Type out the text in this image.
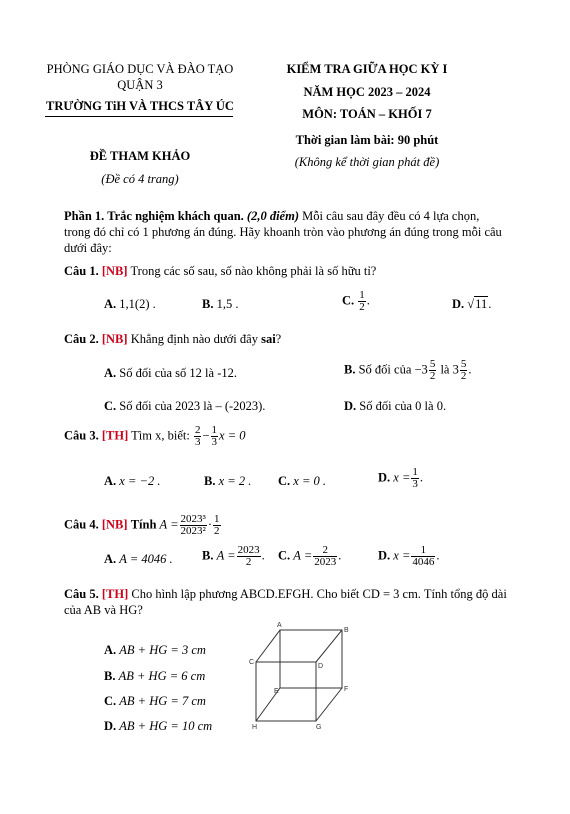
PHÒNG GIÁO DỤC VÀ ĐÀO TẠO
QUẬN 3
TRƯỜNG TiH VÀ THCS TÂY ÚC
ĐỀ THAM KHẢO
(Đề có 4 trang)
KIỂM TRA GIỮA HỌC KỲ I
NĂM HỌC 2023 – 2024
MÔN: TOÁN – KHỐI 7
Thời gian làm bài: 90 phút
(Không kể thời gian phát đề)
Phần 1. Trắc nghiệm khách quan. (2,0 điểm) Mỗi câu sau đây đều có 4 lựa chọn,
trong đó chỉ có 1 phương án đúng. Hãy khoanh tròn vào phương án đúng trong mỗi câu
dưới đây:
Câu 1. [NB] Trong các số sau, số nào không phải là số hữu tỉ?
A. 1,1(2) .	B. 1,5 .	C. $\frac{1}{2}$ .	D. √11.
Câu 2. [NB] Khẳng định nào dưới đây sai?
A. Số đối của số 12 là -12.	B. Số đối của $-3 \frac{5}{2}$ là $3 \frac{5}{2}$ .
C. Số đối của 2023 là – (-2023).	D. Số đối của 0 là 0.
Câu 3. [TH] Tìm x, biết: $\frac{2}{3} - \frac{1}{3}$ x = 0
A. x = −2 .	B. x = 2 . C. x = 0 .	D. $x = \frac{1}{3}$ .
Câu 4. [NB] Tính $A = \frac{\text{2023³}}{\text{2023²}} \cdot \frac{1}{2}$
A. A = 4046 . B. $A = \frac{2023}{2}$ . C. $A = \frac{2}{2023}$ .	D. $x = \frac{1}{4046}$ .
Câu 5. [TH] Cho hình lập phương ABCD.EFGH. Cho biết CD = 3 cm. Tính tổng độ dài
của AB và HG?
A. AB + HG = 3 cm
B. AB + HG = 6 cm
C. AB + HG = 7 cm
D. AB + HG = 10 cm
A
B
C
D
E	F
H	G
